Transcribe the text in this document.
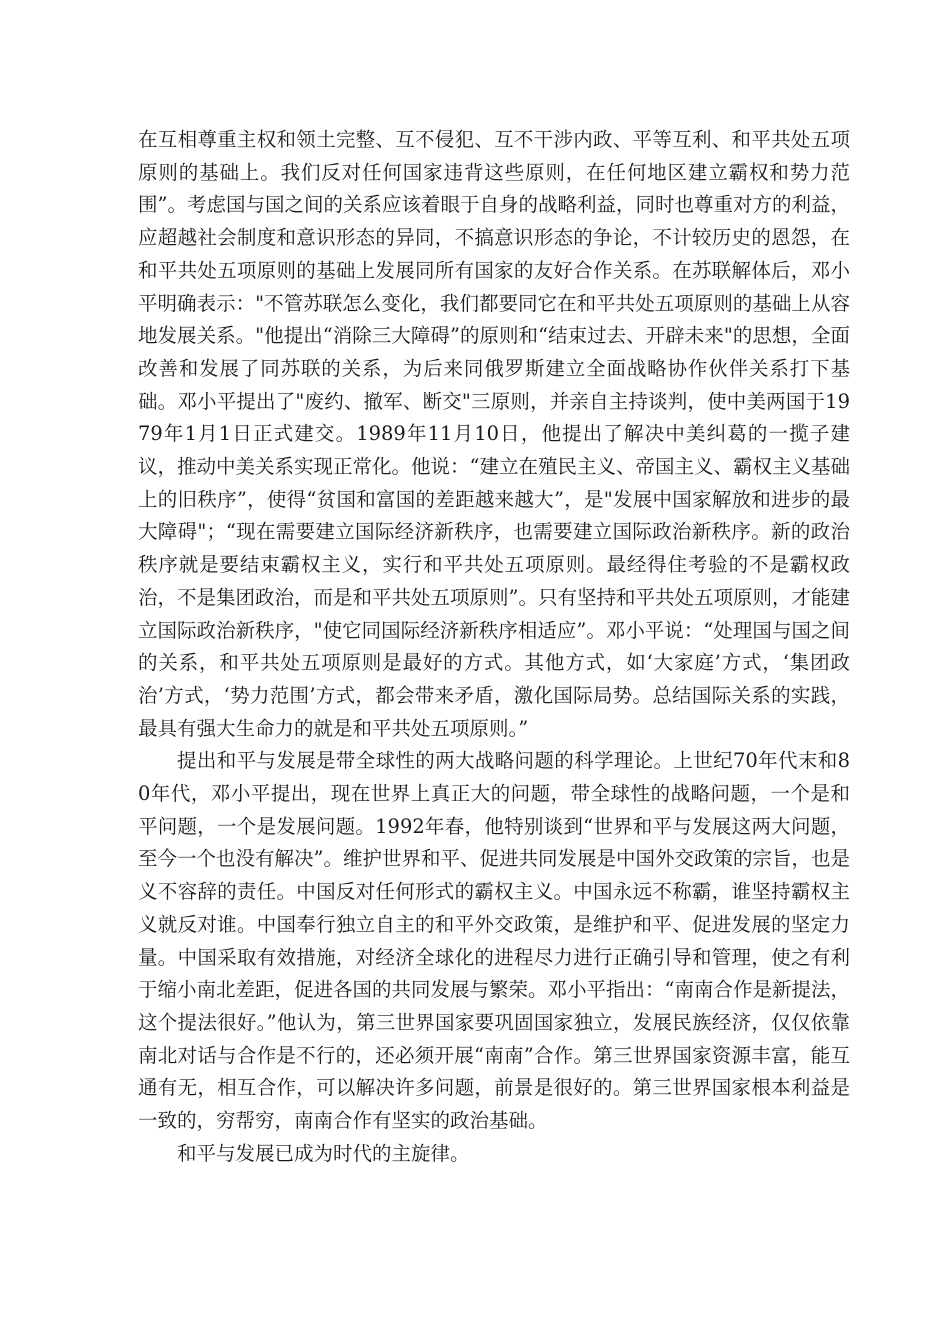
在互相尊重主权和领土完整、互不侵犯、互不干涉内政、平等互利、和平共处五项原则的基础上。我们反对任何国家违背这些原则，在任何地区建立霸权和势力范围”。考虑国与国之间的关系应该着眼于自身的战略利益，同时也尊重对方的利益，应超越社会制度和意识形态的异同，不搞意识形态的争论，不计较历史的恩怨，在和平共处五项原则的基础上发展同所有国家的友好合作关系。在苏联解体后，邓小平明确表示："不管苏联怎么变化，我们都要同它在和平共处五项原则的基础上从容地发展关系。"他提出“消除三大障碍”的原则和“结束过去、开辟未来"的思想，全面改善和发展了同苏联的关系，为后来同俄罗斯建立全面战略协作伙伴关系打下基础。邓小平提出了"废约、撤军、断交"三原则，并亲自主持谈判，使中美两国于1979年1月1日正式建交。1989年11月10日，他提出了解决中美纠葛的一揽子建议，推动中美关系实现正常化。他说：“建立在殖民主义、帝国主义、霸权主义基础上的旧秩序”，使得“贫国和富国的差距越来越大”，是"发展中国家解放和进步的最大障碍"；“现在需要建立国际经济新秩序，也需要建立国际政治新秩序。新的政治秩序就是要结束霸权主义，实行和平共处五项原则。最经得住考验的不是霸权政治，不是集团政治，而是和平共处五项原则”。只有坚持和平共处五项原则，才能建立国际政治新秩序，"使它同国际经济新秩序相适应”。邓小平说：“处理国与国之间的关系，和平共处五项原则是最好的方式。其他方式，如‘大家庭’方式，‘集团政治’方式，‘势力范围’方式，都会带来矛盾，激化国际局势。总结国际关系的实践，最具有强大生命力的就是和平共处五项原则。”

提出和平与发展是带全球性的两大战略问题的科学理论。上世纪70年代末和80年代，邓小平提出，现在世界上真正大的问题，带全球性的战略问题，一个是和平问题，一个是发展问题。1992年春，他特别谈到“世界和平与发展这两大问题，至今一个也没有解决”。维护世界和平、促进共同发展是中国外交政策的宗旨，也是义不容辞的责任。中国反对任何形式的霸权主义。中国永远不称霸，谁坚持霸权主义就反对谁。中国奉行独立自主的和平外交政策，是维护和平、促进发展的坚定力量。中国采取有效措施，对经济全球化的进程尽力进行正确引导和管理，使之有利于缩小南北差距，促进各国的共同发展与繁荣。邓小平指出：“南南合作是新提法，这个提法很好。”他认为，第三世界国家要巩固国家独立，发展民族经济，仅仅依靠南北对话与合作是不行的，还必须开展“南南”合作。第三世界国家资源丰富，能互通有无，相互合作，可以解决许多问题，前景是很好的。第三世界国家根本利益是一致的，穷帮穷，南南合作有坚实的政治基础。

和平与发展已成为时代的主旋律。
